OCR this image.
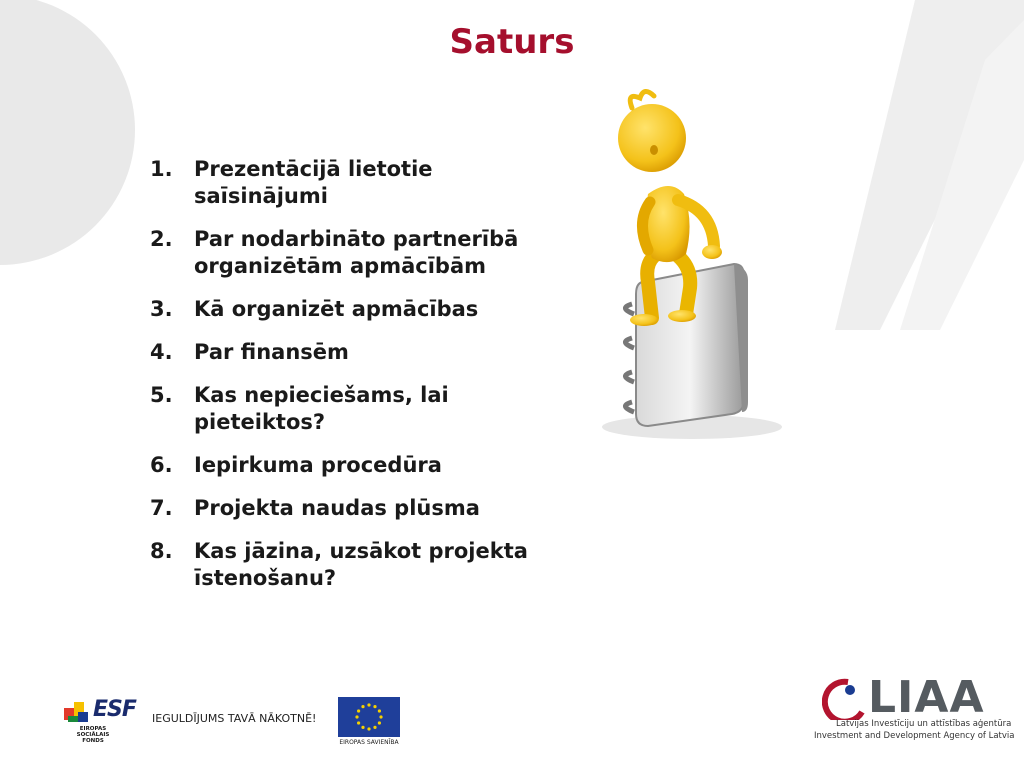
Saturs
1.	Prezentācijā lietotie saīsinājumi
2.	Par nodarbināto partnerībā organizētām apmācībām
3.	Kā organizēt apmācības
4.	Par finansēm
5.	Kas nepieciešams, lai pieteiktos?
6.	Iepirkuma procedūra
7.	Projekta naudas plūsma
8.	Kas jāzina, uzsākot projekta īstenošanu?
ESF
EIROPAS SOCIĀLAIS FONDS
IEGULDĪJUMS TAVĀ NĀKOTNĒ!
EIROPAS SAVIENĪBA
LIAA
Latvijas Investīciju un attīstības aģentūra
Investment and Development Agency of Latvia
